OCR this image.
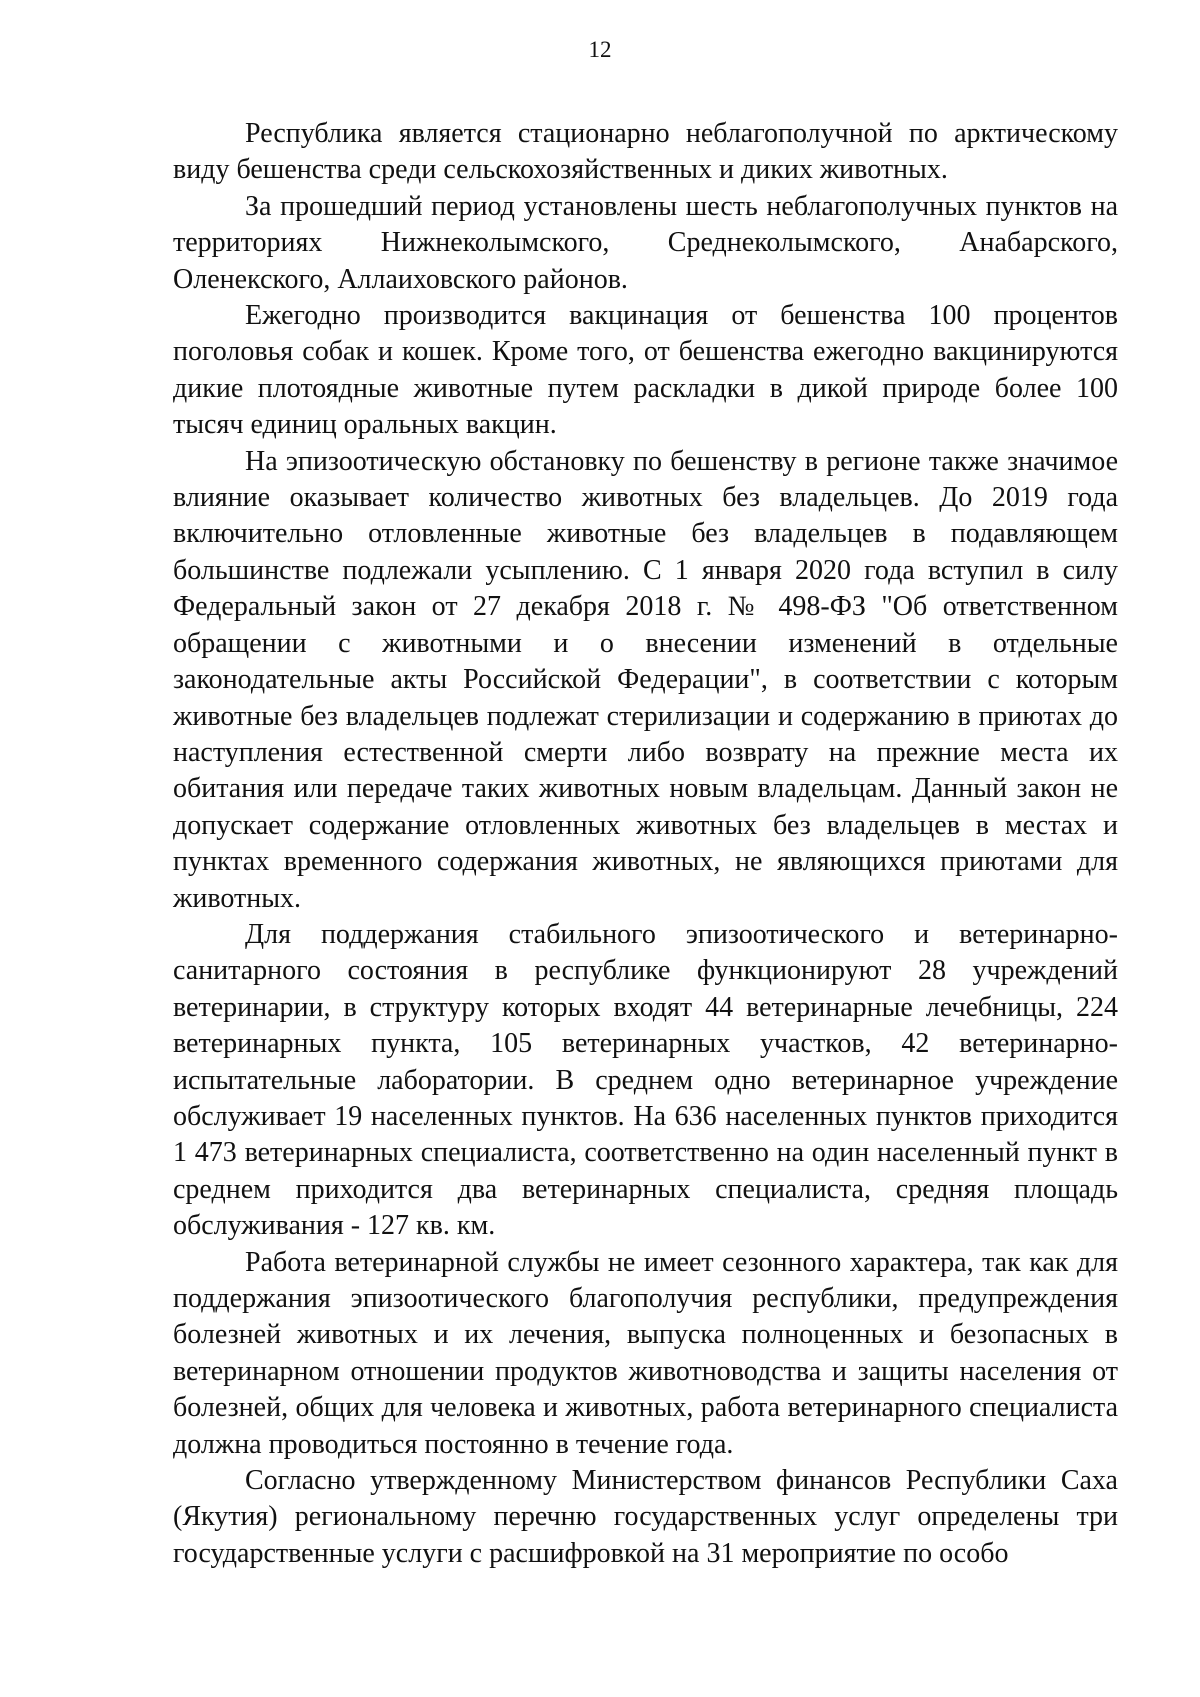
12

Республика является стационарно неблагополучной по арктическому виду бешенства среди сельскохозяйственных и диких животных.

За прошедший период установлены шесть неблагополучных пунктов на территориях Нижнеколымского, Среднеколымского, Анабарского, Оленекского, Аллаиховского районов.

Ежегодно производится вакцинация от бешенства 100 процентов поголовья собак и кошек. Кроме того, от бешенства ежегодно вакцинируются дикие плотоядные животные путем раскладки в дикой природе более 100 тысяч единиц оральных вакцин.

На эпизоотическую обстановку по бешенству в регионе также значимое влияние оказывает количество животных без владельцев. До 2019 года включительно отловленные животные без владельцев в подавляющем большинстве подлежали усыплению. С 1 января 2020 года вступил в силу Федеральный закон от 27 декабря 2018 г. № 498-ФЗ "Об ответственном обращении с животными и о внесении изменений в отдельные законодательные акты Российской Федерации", в соответствии с которым животные без владельцев подлежат стерилизации и содержанию в приютах до наступления естественной смерти либо возврату на прежние места их обитания или передаче таких животных новым владельцам. Данный закон не допускает содержание отловленных животных без владельцев в местах и пунктах временного содержания животных, не являющихся приютами для животных.

Для поддержания стабильного эпизоотического и ветеринарно-санитарного состояния в республике функционируют 28 учреждений ветеринарии, в структуру которых входят 44 ветеринарные лечебницы, 224 ветеринарных пункта, 105 ветеринарных участков, 42 ветеринарно-испытательные лаборатории. В среднем одно ветеринарное учреждение обслуживает 19 населенных пунктов. На 636 населенных пунктов приходится 1 473 ветеринарных специалиста, соответственно на один населенный пункт в среднем приходится два ветеринарных специалиста, средняя площадь обслуживания - 127 кв. км.

Работа ветеринарной службы не имеет сезонного характера, так как для поддержания эпизоотического благополучия республики, предупреждения болезней животных и их лечения, выпуска полноценных и безопасных в ветеринарном отношении продуктов животноводства и защиты населения от болезней, общих для человека и животных, работа ветеринарного специалиста должна проводиться постоянно в течение года.

Согласно утвержденному Министерством финансов Республики Саха (Якутия) региональному перечню государственных услуг определены три государственные услуги с расшифровкой на 31 мероприятие по особо
